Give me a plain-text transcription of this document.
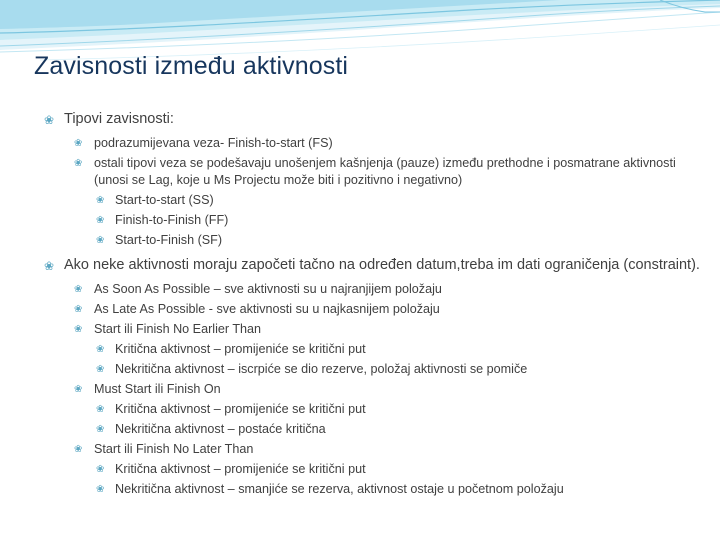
Zavisnosti između aktivnosti
❀ Tipovi zavisnosti:
❀ podrazumijevana veza- Finish-to-start (FS)
❀ ostali tipovi veza se podešavaju unošenjem kašnjenja (pauze) između prethodne i posmatrane aktivnosti (unosi se Lag, koje u Ms Projectu može biti i pozitivno i negativno)
❀ Start-to-start (SS)
❀ Finish-to-Finish (FF)
❀ Start-to-Finish (SF)
❀ Ako neke aktivnosti moraju započeti tačno na određen datum,treba im dati ograničenja (constraint).
❀ As Soon As Possible – sve aktivnosti su u najranjijem položaju
❀ As Late As Possible - sve aktivnosti su u najkasnijem položaju
❀ Start ili Finish No Earlier Than
❀ Kritična aktivnost – promijeniće se kritični put
❀ Nekritična aktivnost – iscrpiće se dio rezerve, položaj aktivnosti se pomiče
❀ Must Start ili Finish On
❀ Kritična aktivnost – promijeniće se kritični put
❀ Nekritična aktivnost – postaće kritična
❀ Start ili Finish No Later Than
❀ Kritična aktivnost – promijeniće se kritični put
❀ Nekritična aktivnost – smanjiće se rezerva, aktivnost ostaje u početnom položaju
